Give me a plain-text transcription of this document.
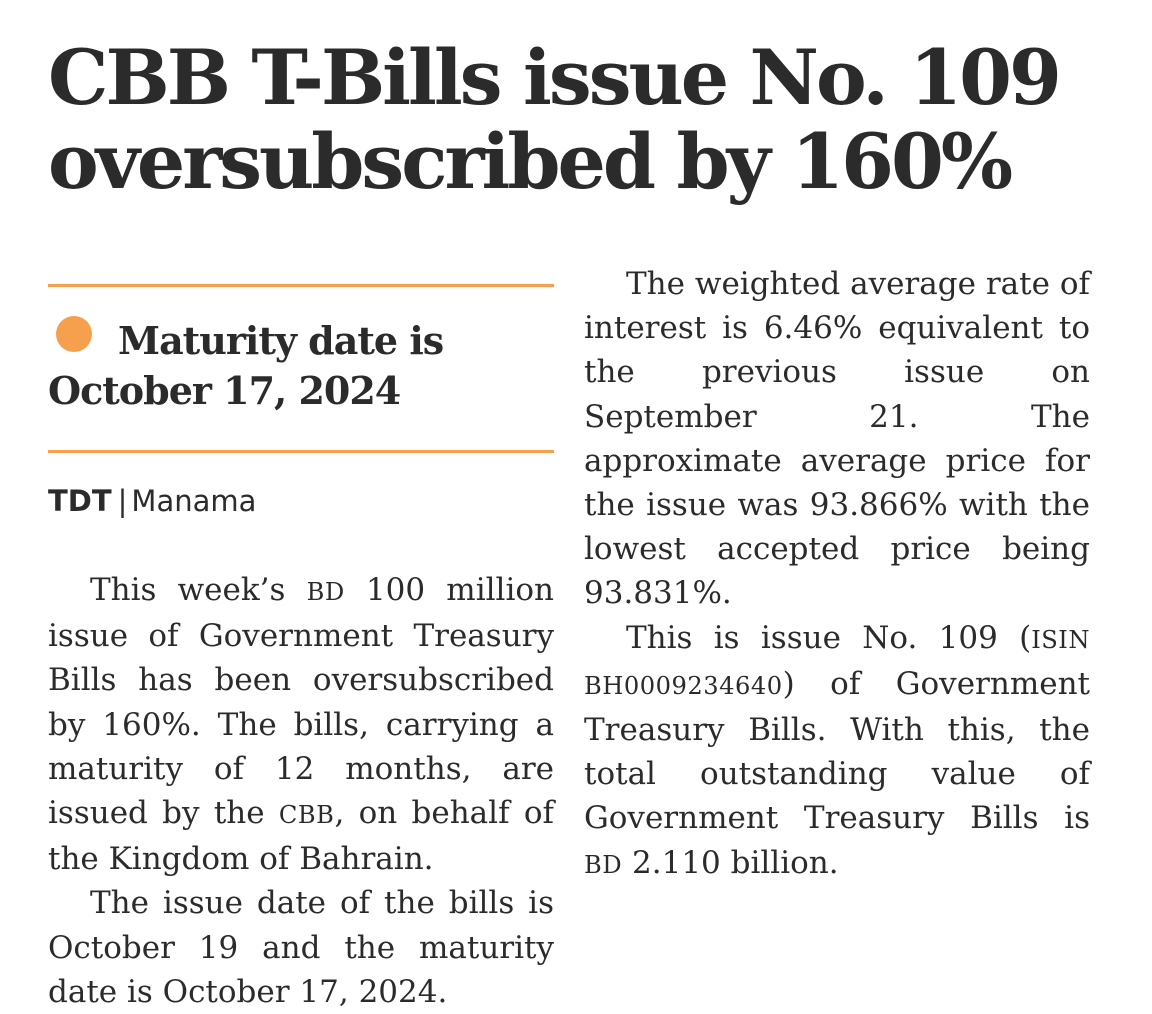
CBB T-Bills issue No. 109
oversubscribed by 160%
Maturity date is
October 17, 2024
TDT | Manama

This week’s BD 100 million issue of Government Treasury Bills has been oversubscribed by 160%. The bills, carrying a maturity of 12 months, are issued by the CBB, on behalf of the Kingdom of Bahrain.

The issue date of the bills is October 19 and the maturity date is October 17, 2024.

The weighted average rate of interest is 6.46% equivalent to the previous issue on September 21. The approximate average price for the issue was 93.866% with the lowest accepted price being 93.831%.

This is issue No. 109 (ISIN BH0009234640) of Government Treasury Bills. With this, the total outstanding value of Government Treasury Bills is BD 2.110 billion.
